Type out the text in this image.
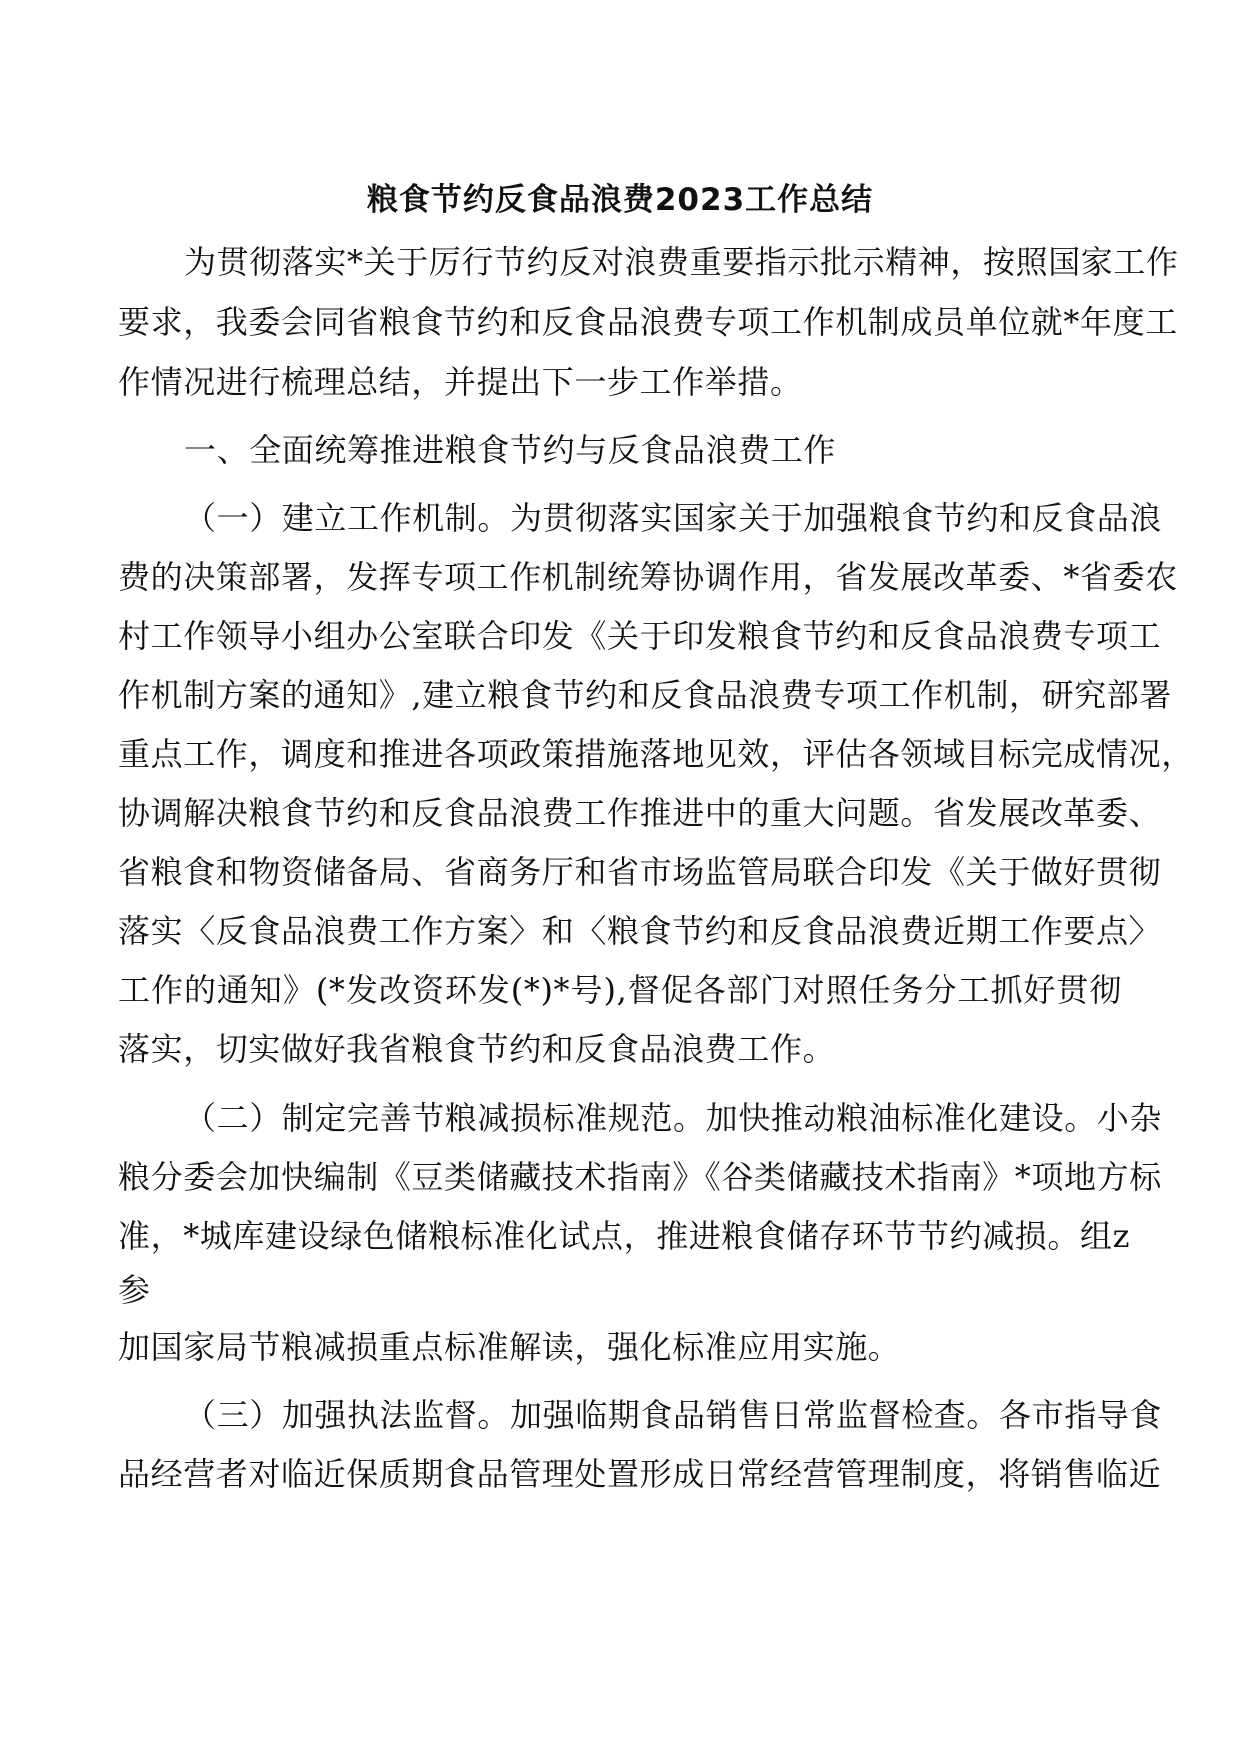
粮食节约反食品浪费2023工作总结
为贯彻落实*关于厉行节约反对浪费重要指示批示精神，按照国家工作
要求，我委会同省粮食节约和反食品浪费专项工作机制成员单位就*年度工
作情况进行梳理总结，并提出下一步工作举措。
一、全面统筹推进粮食节约与反食品浪费工作
（一）建立工作机制。为贯彻落实国家关于加强粮食节约和反食品浪
费的决策部署，发挥专项工作机制统筹协调作用，省发展改革委、*省委农
村工作领导小组办公室联合印发《关于印发粮食节约和反食品浪费专项工
作机制方案的通知》,建立粮食节约和反食品浪费专项工作机制，研究部署
重点工作，调度和推进各项政策措施落地见效，评估各领域目标完成情况，
协调解决粮食节约和反食品浪费工作推进中的重大问题。省发展改革委、
省粮食和物资储备局、省商务厅和省市场监管局联合印发《关于做好贯彻
落实〈反食品浪费工作方案〉和〈粮食节约和反食品浪费近期工作要点〉
工作的通知》(*发改资环发(*)*号),督促各部门对照任务分工抓好贯彻
落实，切实做好我省粮食节约和反食品浪费工作。
（二）制定完善节粮减损标准规范。加快推动粮油标准化建设。小杂
粮分委会加快编制《豆类储藏技术指南》《谷类储藏技术指南》*项地方标
准，*城库建设绿色储粮标准化试点，推进粮食储存环节节约减损。组z
参
加国家局节粮减损重点标准解读，强化标准应用实施。
（三）加强执法监督。加强临期食品销售日常监督检查。各市指导食
品经营者对临近保质期食品管理处置形成日常经营管理制度，将销售临近
